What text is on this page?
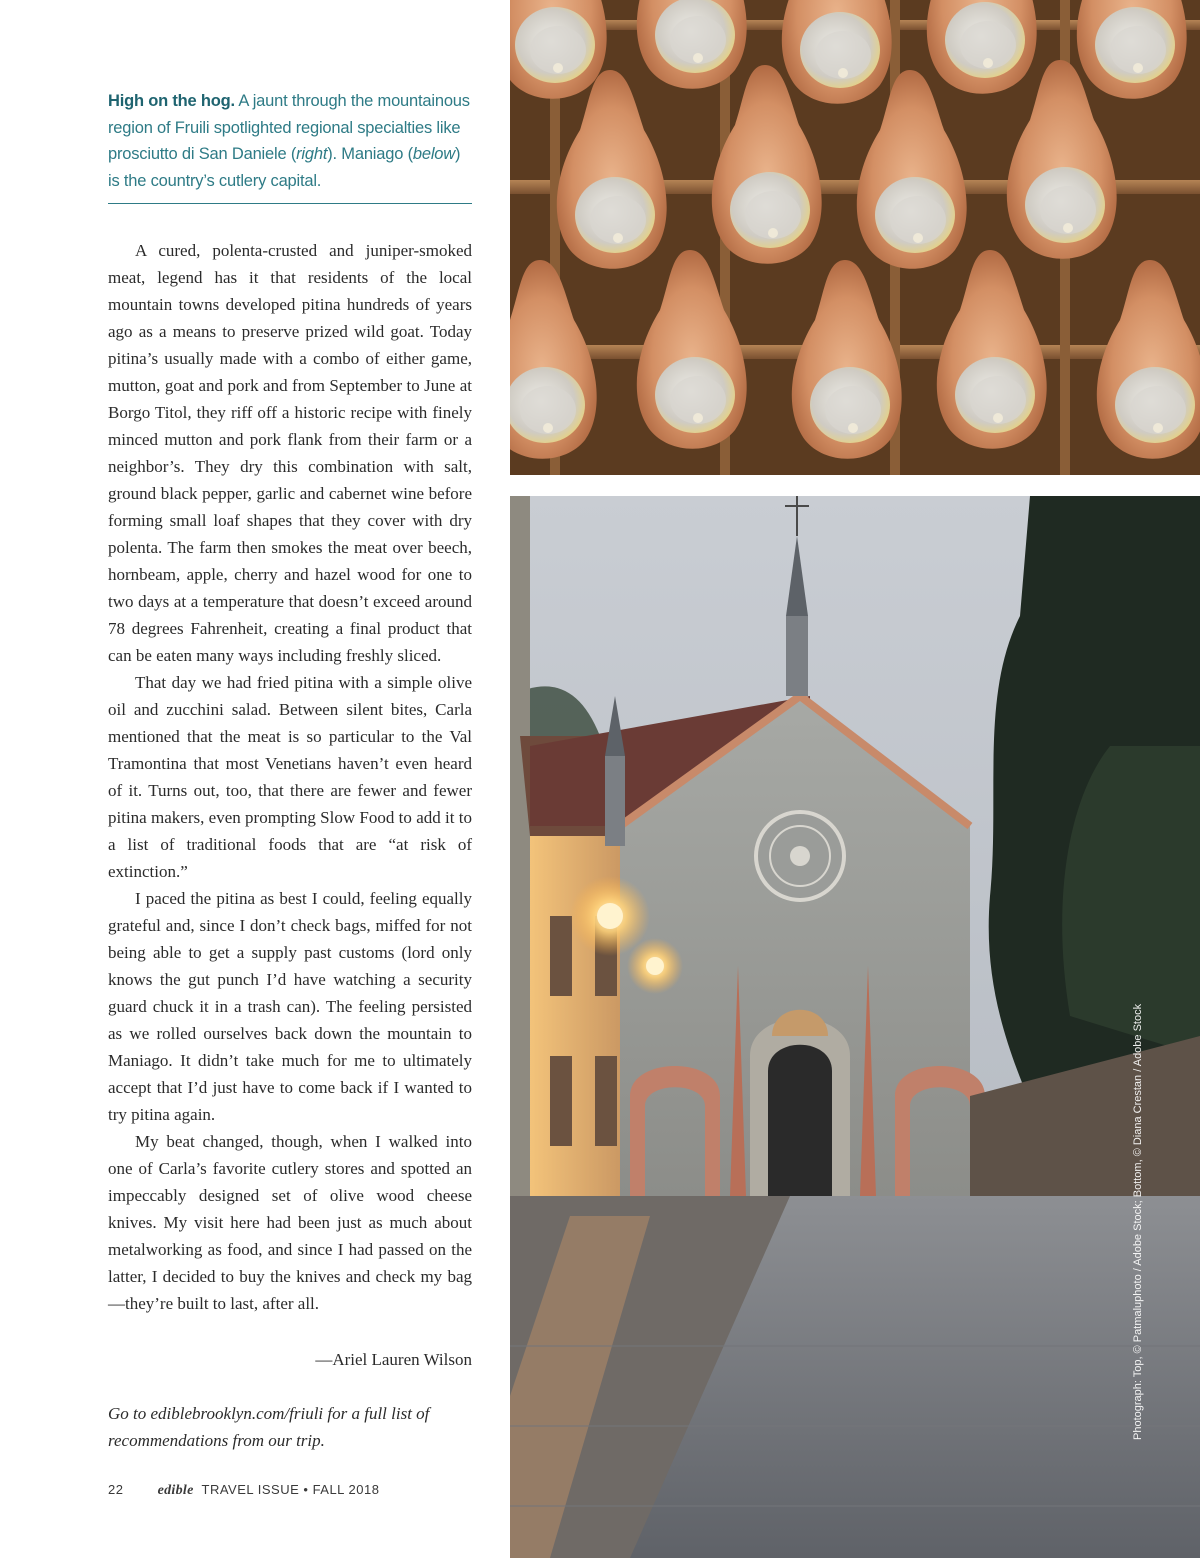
High on the hog. A jaunt through the mountainous region of Fruili spotlighted regional specialties like prosciutto di San Daniele (right). Maniago (below) is the country’s cutlery capital.

A cured, polenta-crusted and juniper-smoked meat, legend has it that residents of the local mountain towns developed pitina hundreds of years ago as a means to preserve prized wild goat. Today pitina’s usually made with a combo of either game, mutton, goat and pork and from September to June at Borgo Titol, they riff off a historic recipe with finely minced mutton and pork flank from their farm or a neighbor’s. They dry this combination with salt, ground black pepper, garlic and cabernet wine before forming small loaf shapes that they cover with dry polenta. The farm then smokes the meat over beech, hornbeam, apple, cherry and hazel wood for one to two days at a temperature that doesn’t exceed around 78 degrees Fahrenheit, creating a final product that can be eaten many ways including freshly sliced.

That day we had fried pitina with a simple olive oil and zucchini salad. Between silent bites, Carla mentioned that the meat is so particular to the Val Tramontina that most Venetians haven’t even heard of it. Turns out, too, that there are fewer and fewer pitina makers, even prompting Slow Food to add it to a list of traditional foods that are “at risk of extinction.”

I paced the pitina as best I could, feeling equally grateful and, since I don’t check bags, miffed for not being able to get a supply past customs (lord only knows the gut punch I’d have watching a security guard chuck it in a trash can). The feeling persisted as we rolled ourselves back down the mountain to Maniago. It didn’t take much for me to ultimately accept that I’d just have to come back if I wanted to try pitina again.

My beat changed, though, when I walked into one of Carla’s favorite cutlery stores and spotted an impeccably designed set of olive wood cheese knives. My visit here had been just as much about metalworking as food, and since I had passed on the latter, I decided to buy the knives and check my bag—they’re built to last, after all.

—Ariel Lauren Wilson
Go to ediblebrooklyn.com/friuli for a full list of recommendations from our trip.
22 edible TRAVEL ISSUE • FALL 2018
Photograph: Top, © Patmaluphoto / Adobe Stock; Bottom, © Diana Crestan / Adobe Stock
